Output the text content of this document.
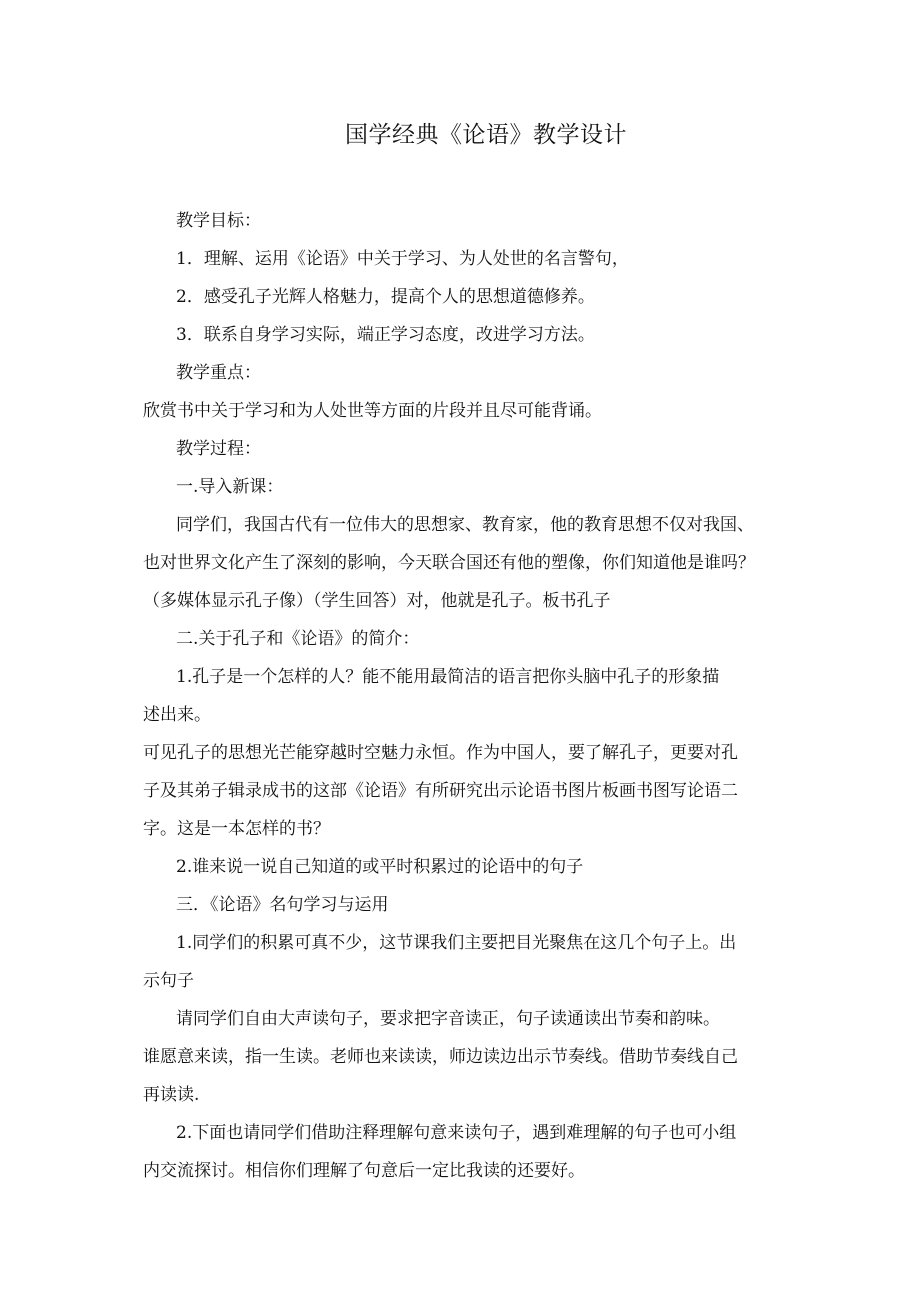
国学经典《论语》教学设计

教学目标：

1．理解、运用《论语》中关于学习、为人处世的名言警句，

2．感受孔子光辉人格魅力，提高个人的思想道德修养。

3．联系自身学习实际，端正学习态度，改进学习方法。

教学重点：

欣赏书中关于学习和为人处世等方面的片段并且尽可能背诵。

教学过程：

一.导入新课：

同学们，我国古代有一位伟大的思想家、教育家，他的教育思想不仅对我国、

也对世界文化产生了深刻的影响，今天联合国还有他的塑像，你们知道他是谁吗？

（多媒体显示孔子像）（学生回答）对，他就是孔子。板书孔子

二.关于孔子和《论语》的简介：

1.孔子是一个怎样的人？能不能用最简洁的语言把你头脑中孔子的形象描

述出来。

可见孔子的思想光芒能穿越时空魅力永恒。作为中国人，要了解孔子，更要对孔

子及其弟子辑录成书的这部《论语》有所研究出示论语书图片板画书图写论语二

字。这是一本怎样的书？

2.谁来说一说自己知道的或平时积累过的论语中的句子

三．《论语》名句学习与运用

1.同学们的积累可真不少，这节课我们主要把目光聚焦在这几个句子上。出

示句子

请同学们自由大声读句子，要求把字音读正，句子读通读出节奏和韵味。

谁愿意来读，指一生读。老师也来读读，师边读边出示节奏线。借助节奏线自己

再读读.

2.下面也请同学们借助注释理解句意来读句子，遇到难理解的句子也可小组

内交流探讨。相信你们理解了句意后一定比我读的还要好。
